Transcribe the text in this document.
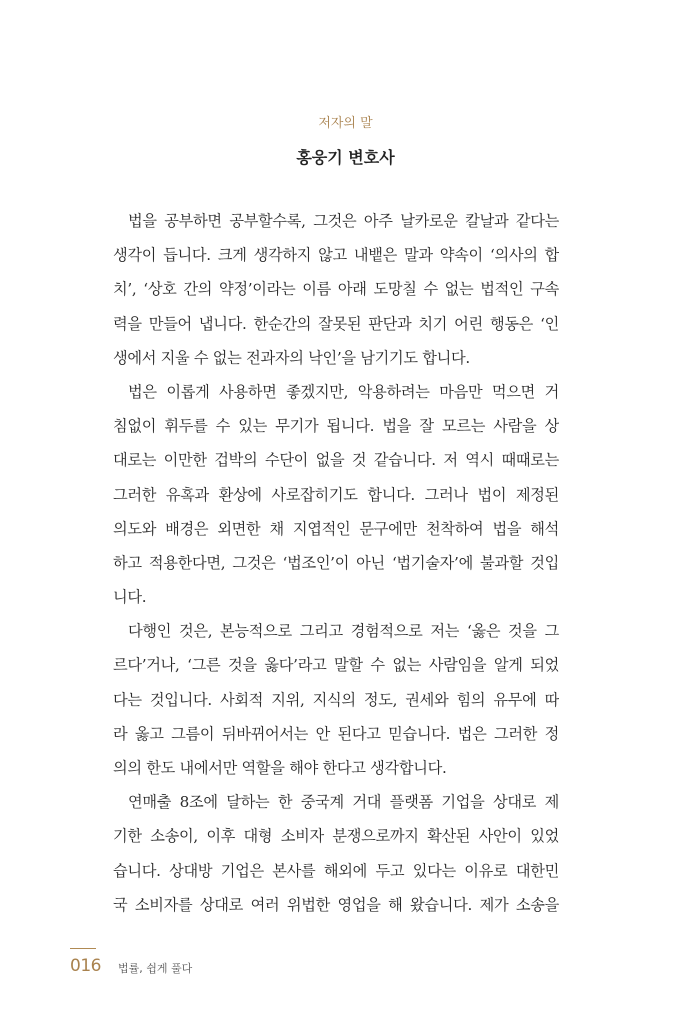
저자의 말
홍웅기 변호사
법을 공부하면 공부할수록, 그것은 아주 날카로운 칼날과 같다는
생각이 듭니다. 크게 생각하지 않고 내뱉은 말과 약속이 ‘의사의 합
치’, ‘상호 간의 약정’이라는 이름 아래 도망칠 수 없는 법적인 구속
력을 만들어 냅니다. 한순간의 잘못된 판단과 치기 어린 행동은 ‘인
생에서 지울 수 없는 전과자의 낙인’을 남기기도 합니다.
법은 이롭게 사용하면 좋겠지만, 악용하려는 마음만 먹으면 거
침없이 휘두를 수 있는 무기가 됩니다. 법을 잘 모르는 사람을 상
대로는 이만한 겁박의 수단이 없을 것 같습니다. 저 역시 때때로는
그러한 유혹과 환상에 사로잡히기도 합니다. 그러나 법이 제정된
의도와 배경은 외면한 채 지엽적인 문구에만 천착하여 법을 해석
하고 적용한다면, 그것은 ‘법조인’이 아닌 ‘법기술자’에 불과할 것입
니다.
다행인 것은, 본능적으로 그리고 경험적으로 저는 ‘옳은 것을 그
르다’거나, ‘그른 것을 옳다’라고 말할 수 없는 사람임을 알게 되었
다는 것입니다. 사회적 지위, 지식의 정도, 권세와 힘의 유무에 따
라 옳고 그름이 뒤바뀌어서는 안 된다고 믿습니다. 법은 그러한 정
의의 한도 내에서만 역할을 해야 한다고 생각합니다.
연매출 8조에 달하는 한 중국계 거대 플랫폼 기업을 상대로 제
기한 소송이, 이후 대형 소비자 분쟁으로까지 확산된 사안이 있었
습니다. 상대방 기업은 본사를 해외에 두고 있다는 이유로 대한민
국 소비자를 상대로 여러 위법한 영업을 해 왔습니다. 제가 소송을
016 법률, 쉽게 풀다
